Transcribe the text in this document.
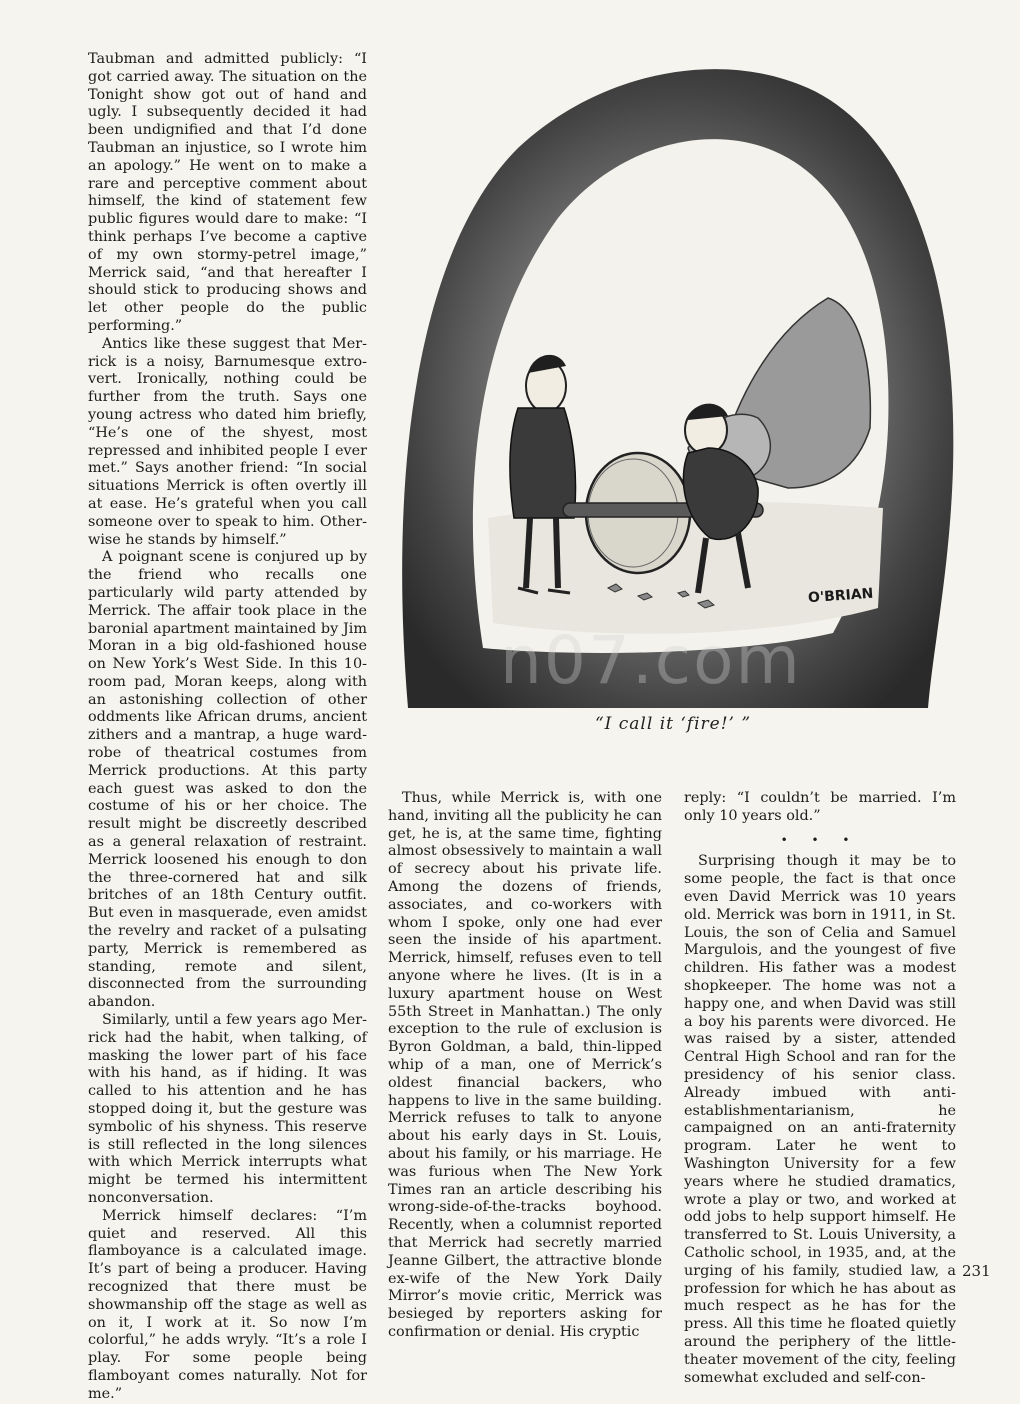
Taubman and admitted publicly: “I got carried away. The situation on the Tonight show got out of hand and ugly. I subsequently decided it had been undignified and that I’d done Taubman an injustice, so I wrote him an apology.” He went on to make a rare and perceptive comment about himself, the kind of statement few public figures would dare to make: “I think perhaps I’ve become a captive of my own stormy-petrel image,” Merrick said, “and that hereafter I should stick to producing shows and let other people do the public performing.”

Antics like these suggest that Merrick is a noisy, Barnumesque extrovert. Ironically, nothing could be further from the truth. Says one young actress who dated him briefly, “He’s one of the shyest, most repressed and inhibited people I ever met.” Says another friend: “In social situations Merrick is often overtly ill at ease. He’s grateful when you call someone over to speak to him. Otherwise he stands by himself.”

A poignant scene is conjured up by the friend who recalls one particularly wild party attended by Merrick. The affair took place in the baronial apartment maintained by Jim Moran in a big old-fashioned house on New York’s West Side. In this 10-room pad, Moran keeps, along with an astonishing collection of other oddments like African drums, ancient zithers and a mantrap, a huge wardrobe of theatrical costumes from Merrick productions. At this party each guest was asked to don the costume of his or her choice. The result might be discreetly described as a general relaxation of restraint. Merrick loosened his enough to don the three-cornered hat and silk britches of an 18th Century outfit. But even in masquerade, even amidst the revelry and racket of a pulsating party, Merrick is remembered as standing, remote and silent, disconnected from the surrounding abandon.

Similarly, until a few years ago Merrick had the habit, when talking, of masking the lower part of his face with his hand, as if hiding. It was called to his attention and he has stopped doing it, but the gesture was symbolic of his shyness. This reserve is still reflected in the long silences with which Merrick interrupts what might be termed his intermittent nonconversation.

Merrick himself declares: “I’m quiet and reserved. All this flamboyance is a calculated image. It’s part of being a producer. Having recognized that there must be showmanship off the stage as well as on it, I work at it. So now I’m colorful,” he adds wryly. “It’s a role I play. For some people being flamboyant comes naturally. Not for me.”

O'BRIAN
n07.com
“I call it ‘fire!’ ”

Thus, while Merrick is, with one hand, inviting all the publicity he can get, he is, at the same time, fighting almost obsessively to maintain a wall of secrecy about his private life. Among the dozens of friends, associates, and co-workers with whom I spoke, only one had ever seen the inside of his apartment. Merrick, himself, refuses even to tell anyone where he lives. (It is in a luxury apartment house on West 55th Street in Manhattan.) The only exception to the rule of exclusion is Byron Goldman, a bald, thin-lipped whip of a man, one of Merrick’s oldest financial backers, who happens to live in the same building. Merrick refuses to talk to anyone about his early days in St. Louis, about his family, or his marriage. He was furious when The New York Times ran an article describing his wrong-side-of-the-tracks boyhood. Recently, when a columnist reported that Merrick had secretly married Jeanne Gilbert, the attractive blonde ex-wife of the New York Daily Mirror’s movie critic, Merrick was besieged by reporters asking for confirmation or denial. His cryptic

reply: “I couldn’t be married. I’m only 10 years old.”

• • •

Surprising though it may be to some people, the fact is that once even David Merrick was 10 years old. Merrick was born in 1911, in St. Louis, the son of Celia and Samuel Margulois, and the youngest of five children. His father was a modest shopkeeper. The home was not a happy one, and when David was still a boy his parents were divorced. He was raised by a sister, attended Central High School and ran for the presidency of his senior class. Already imbued with anti-establishmentarianism, he campaigned on an anti-fraternity program. Later he went to Washington University for a few years where he studied dramatics, wrote a play or two, and worked at odd jobs to help support himself. He transferred to St. Louis University, a Catholic school, in 1935, and, at the urging of his family, studied law, a profession for which he has about as much respect as he has for the press. All this time he floated quietly around the periphery of the little-theater movement of the city, feeling somewhat excluded and self-con-

231
